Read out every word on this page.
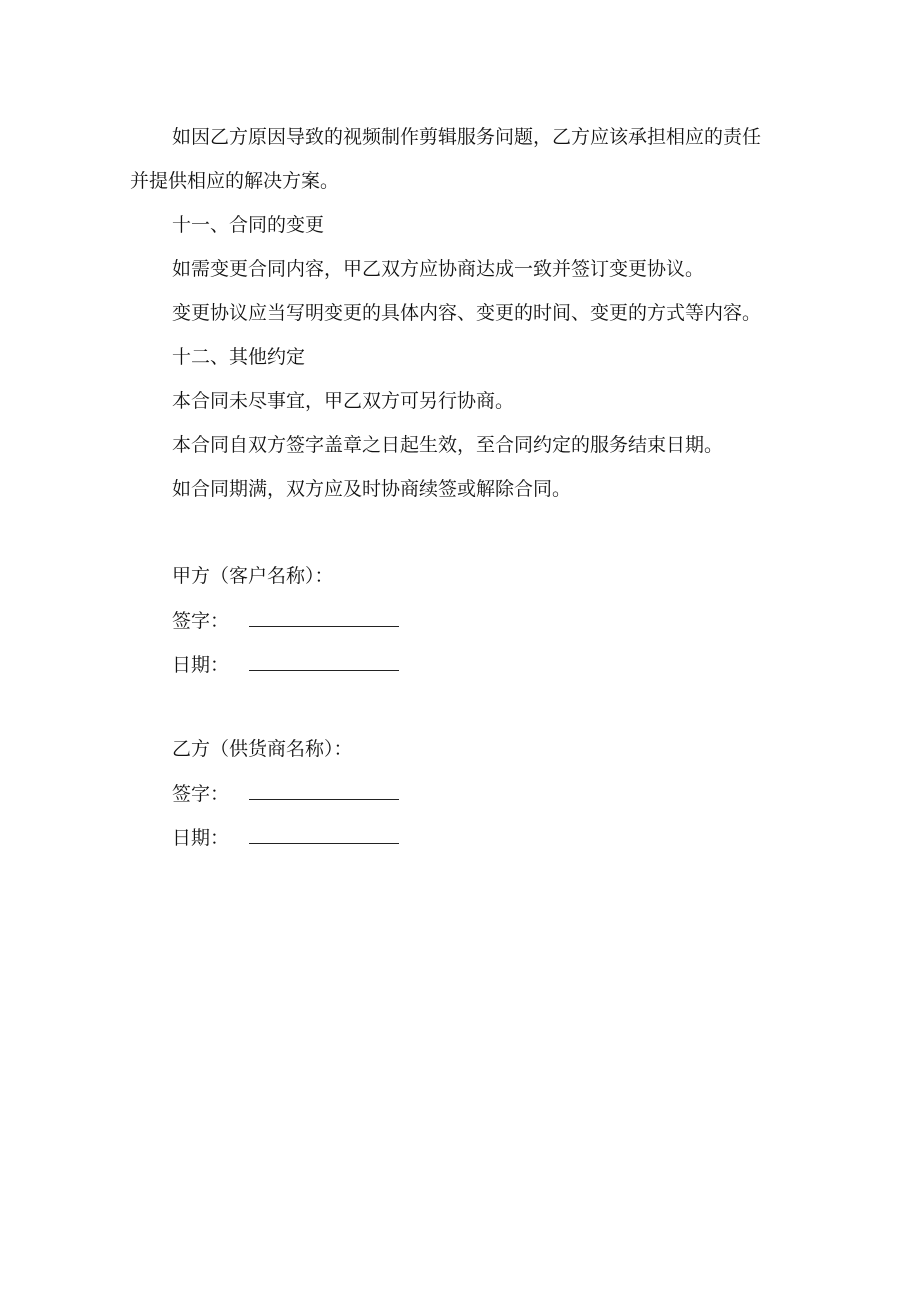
如因乙方原因导致的视频制作剪辑服务问题，乙方应该承担相应的责任

并提供相应的解决方案。

十一、合同的变更

如需变更合同内容，甲乙双方应协商达成一致并签订变更协议。

变更协议应当写明变更的具体内容、变更的时间、变更的方式等内容。

十二、其他约定

本合同未尽事宜，甲乙双方可另行协商。

本合同自双方签字盖章之日起生效，至合同约定的服务结束日期。

如合同期满，双方应及时协商续签或解除合同。

甲方（客户名称）：

签字：
日期：

乙方（供货商名称）：

签字：
日期：
